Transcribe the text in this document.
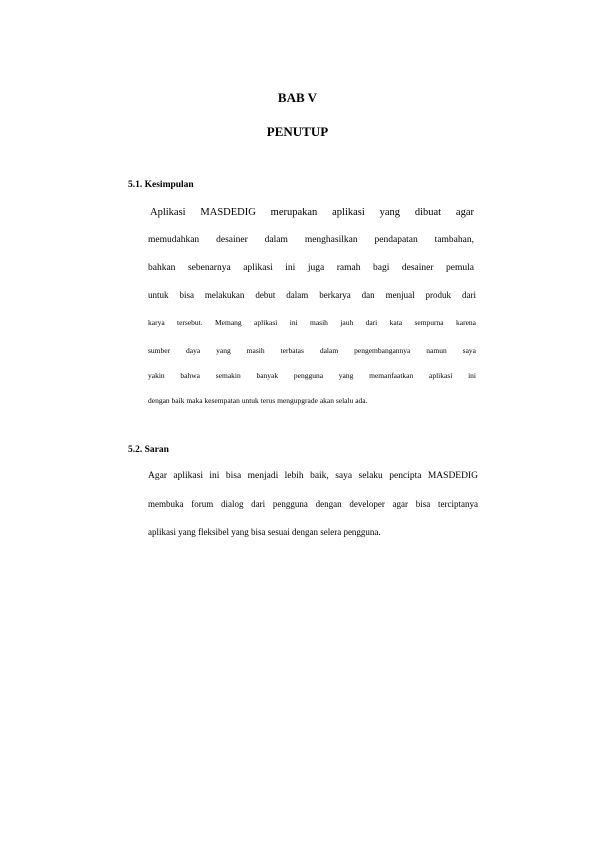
BAB V
PENUTUP
5.1. Kesimpulan
Aplikasi MASDEDIG merupakan aplikasi yang dibuat agar
memudahkan desainer dalam menghasilkan pendapatan tambahan,
bahkan sebenarnya aplikasi ini juga ramah bagi desainer pemula
untuk bisa melakukan debut dalam berkarya dan menjual produk dari
karya tersebut. Memang aplikasi ini masih jauh dari kata sempurna karena
sumber daya yang masih terbatas dalam pengembangannya namun saya
yakin bahwa semakin banyak pengguna yang memanfaatkan aplikasi ini
dengan baik maka kesempatan untuk terus mengupgrade akan selalu ada.
5.2. Saran
Agar aplikasi ini bisa menjadi lebih baik, saya selaku pencipta MASDEDIG
membuka forum dialog dari pengguna dengan developer agar bisa terciptanya
aplikasi yang fleksibel yang bisa sesuai dengan selera pengguna.
